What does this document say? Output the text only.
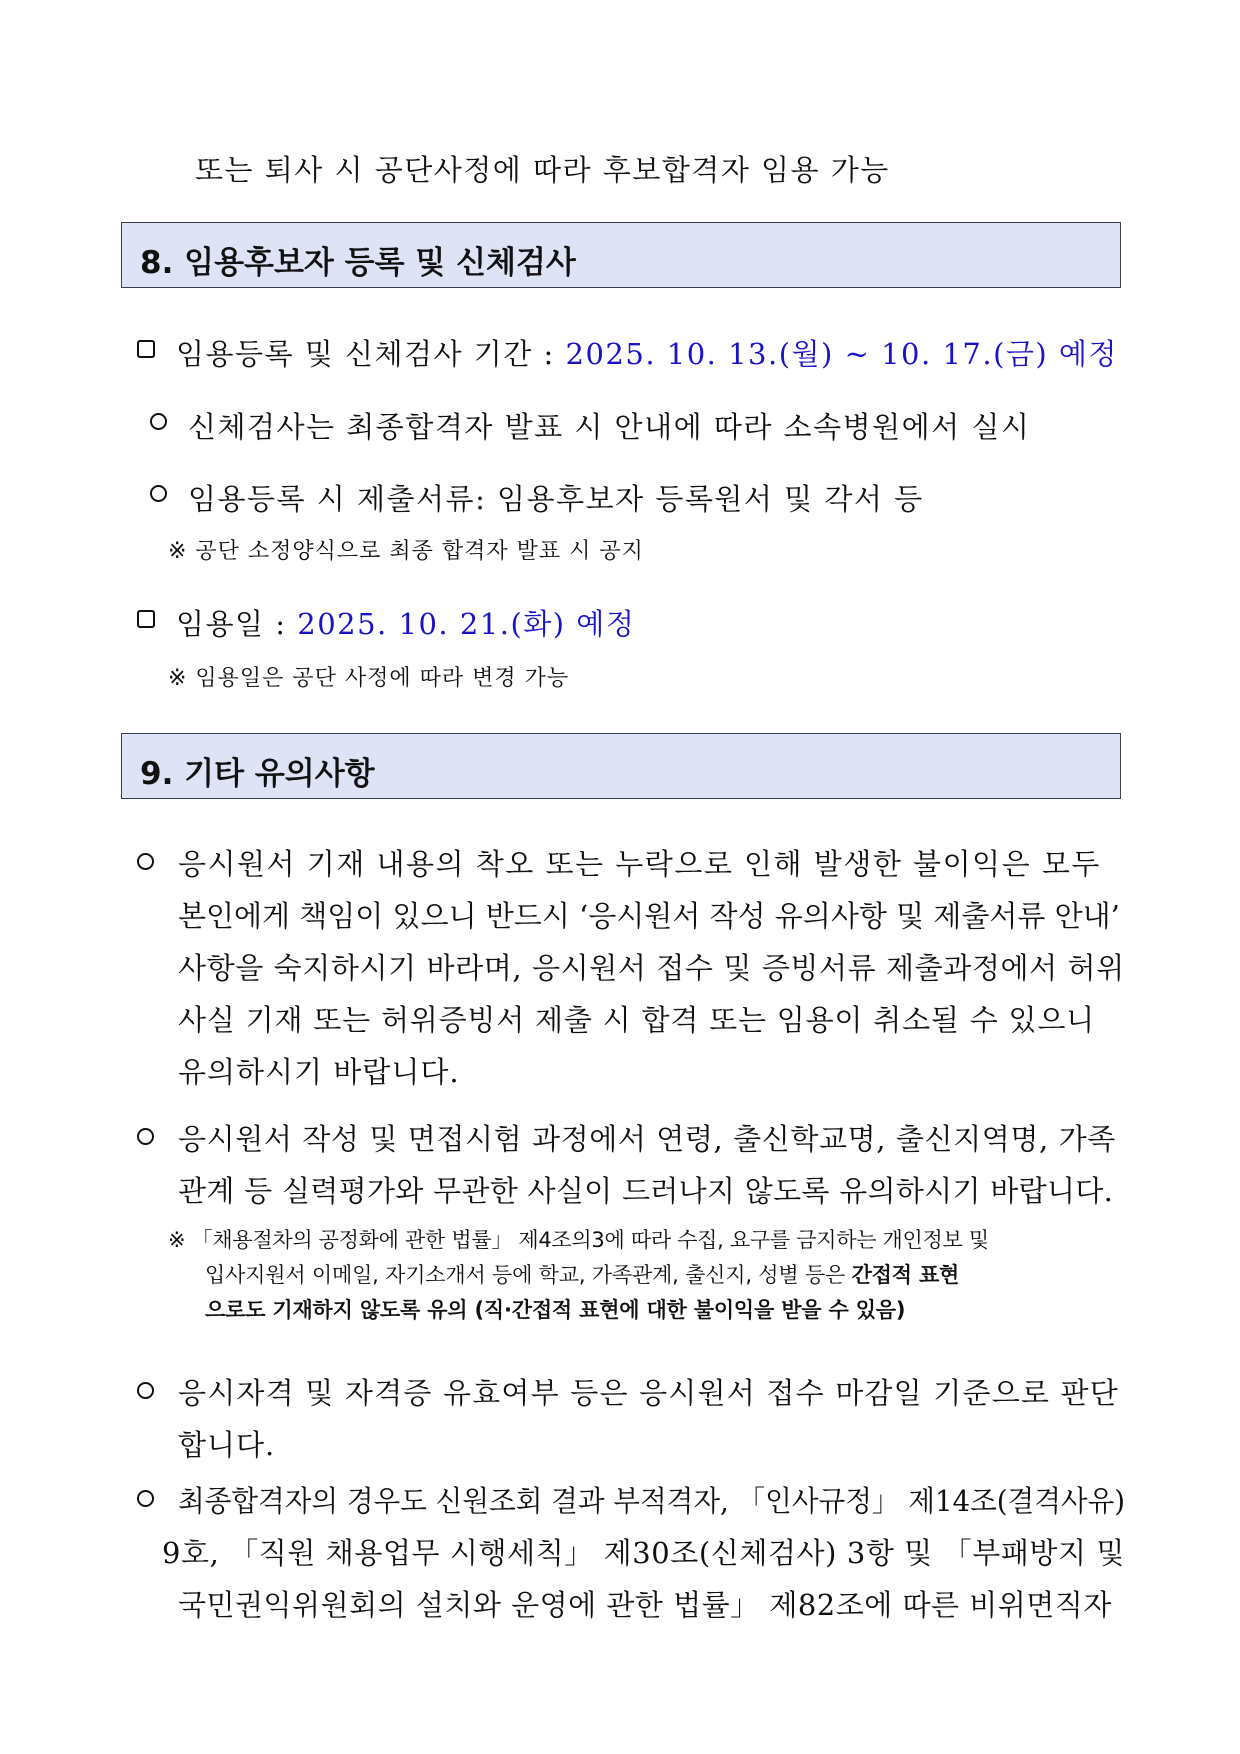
또는 퇴사 시 공단사정에 따라 후보합격자 임용 가능
8. 임용후보자 등록 및 신체검사
임용등록 및 신체검사 기간 : 2025. 10. 13.(월) ~ 10. 17.(금) 예정
신체검사는 최종합격자 발표 시 안내에 따라 소속병원에서 실시
임용등록 시 제출서류: 임용후보자 등록원서 및 각서 등
※ 공단 소정양식으로 최종 합격자 발표 시 공지
임용일 : 2025. 10. 21.(화) 예정
※ 임용일은 공단 사정에 따라 변경 가능
9. 기타 유의사항
응시원서 기재 내용의 착오 또는 누락으로 인해 발생한 불이익은 모두
본인에게 책임이 있으니 반드시 ‘응시원서 작성 유의사항 및 제출서류 안내’
사항을 숙지하시기 바라며, 응시원서 접수 및 증빙서류 제출과정에서 허위
사실 기재 또는 허위증빙서 제출 시 합격 또는 임용이 취소될 수 있으니
유의하시기 바랍니다.
응시원서 작성 및 면접시험 과정에서 연령, 출신학교명, 출신지역명, 가족
관계 등 실력평가와 무관한 사실이 드러나지 않도록 유의하시기 바랍니다.
※ 「채용절차의 공정화에 관한 법률」 제4조의3에 따라 수집, 요구를 금지하는 개인정보 및
입사지원서 이메일, 자기소개서 등에 학교, 가족관계, 출신지, 성별 등은 간접적 표현
으로도 기재하지 않도록 유의 (직·간접적 표현에 대한 불이익을 받을 수 있음)
응시자격 및 자격증 유효여부 등은 응시원서 접수 마감일 기준으로 판단
합니다.
최종합격자의 경우도 신원조회 결과 부적격자, 「인사규정」 제14조(결격사유)
9호, 「직원 채용업무 시행세칙」 제30조(신체검사) 3항 및 「부패방지 및
국민권익위원회의 설치와 운영에 관한 법률」 제82조에 따른 비위면직자
